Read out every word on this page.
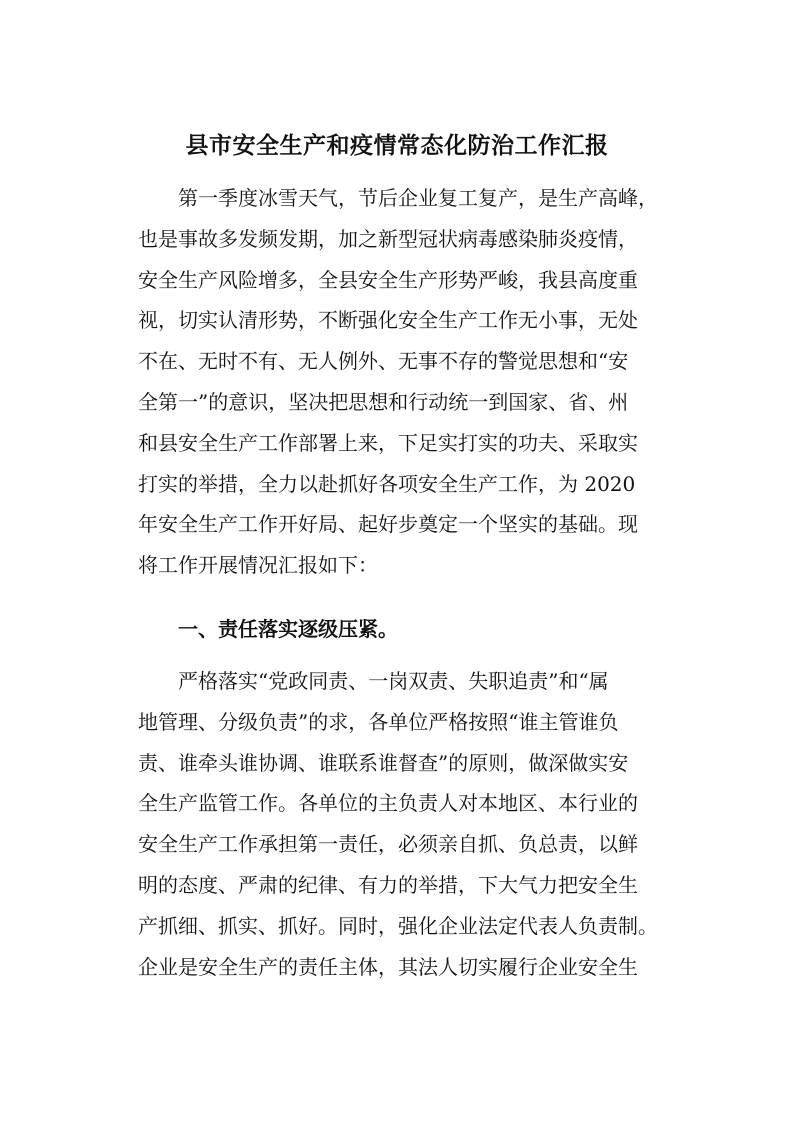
县市安全生产和疫情常态化防治工作汇报
第一季度冰雪天气，节后企业复工复产，是生产高峰，
也是事故多发频发期，加之新型冠状病毒感染肺炎疫情，
安全生产风险增多，全县安全生产形势严峻，我县高度重
视，切实认清形势，不断强化安全生产工作无小事，无处
不在、无时不有、无人例外、无事不存的警觉思想和“安
全第一”的意识，坚决把思想和行动统一到国家、省、州
和县安全生产工作部署上来，下足实打实的功夫、采取实
打实的举措，全力以赴抓好各项安全生产工作，为 2020
年安全生产工作开好局、起好步奠定一个坚实的基础。现
将工作开展情况汇报如下：
一、责任落实逐级压紧。
严格落实“党政同责、一岗双责、失职追责”和“属
地管理、分级负责”的求，各单位严格按照“谁主管谁负
责、谁牵头谁协调、谁联系谁督查”的原则，做深做实安
全生产监管工作。各单位的主负责人对本地区、本行业的
安全生产工作承担第一责任，必须亲自抓、负总责，以鲜
明的态度、严肃的纪律、有力的举措，下大气力把安全生
产抓细、抓实、抓好。同时，强化企业法定代表人负责制。
企业是安全生产的责任主体，其法人切实履行企业安全生
